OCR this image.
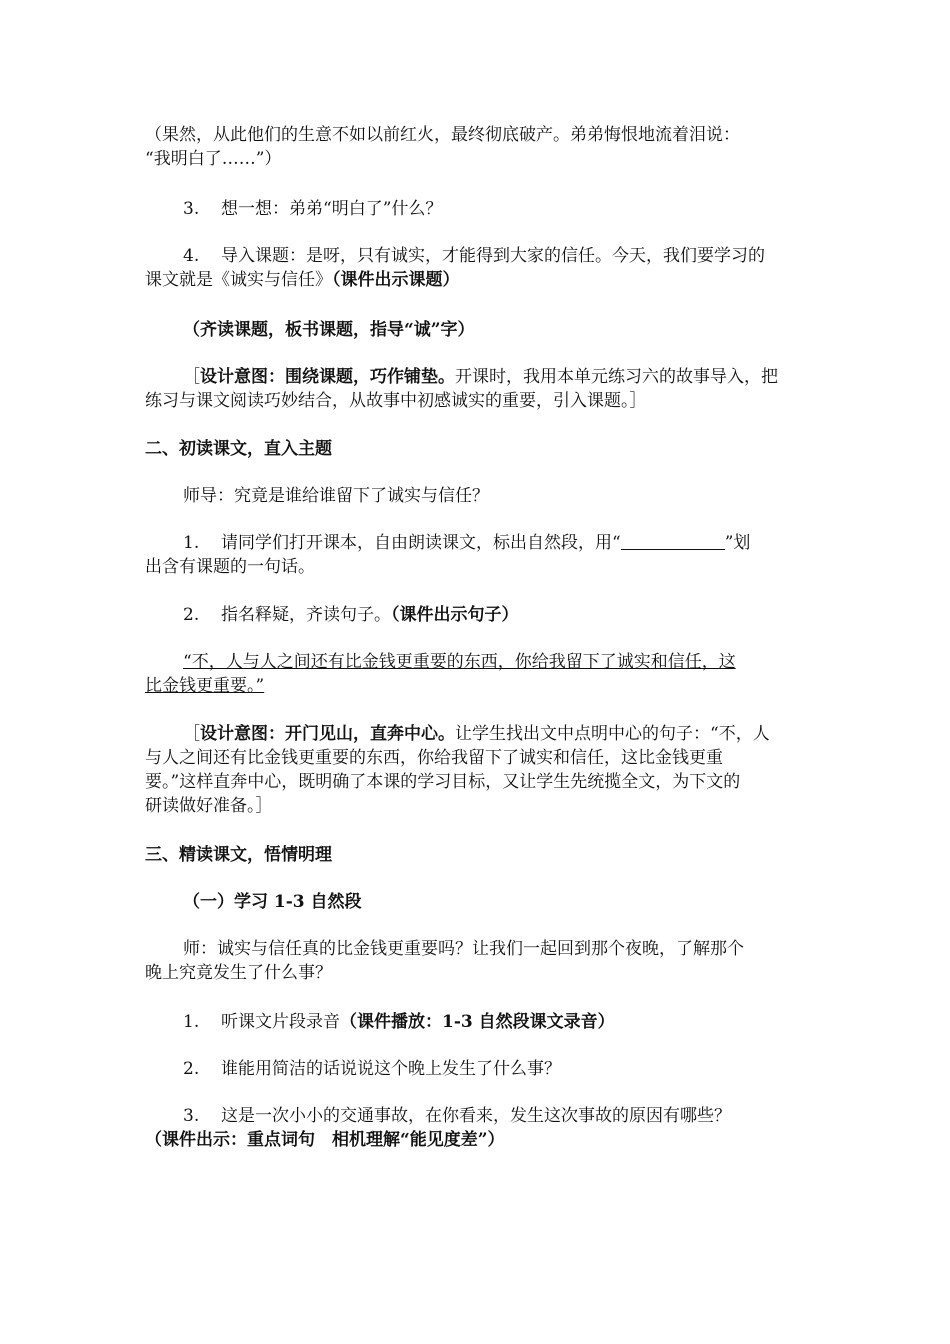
（果然，从此他们的生意不如以前红火，最终彻底破产。弟弟悔恨地流着泪说：
“我明白了……”）
3. 想一想：弟弟“明白了”什么？
4. 导入课题：是呀，只有诚实，才能得到大家的信任。今天，我们要学习的
课文就是《诚实与信任》（课件出示课题）
（齐读课题，板书课题，指导“诚”字）
［设计意图：围绕课题，巧作铺垫。开课时，我用本单元练习六的故事导入，把
练习与课文阅读巧妙结合，从故事中初感诚实的重要，引入课题。］
二、初读课文，直入主题
师导：究竟是谁给谁留下了诚实与信任？
1. 请同学们打开课本，自由朗读课文，标出自然段，用“	”划
出含有课题的一句话。
2. 指名释疑，齐读句子。（课件出示句子）
“不，人与人之间还有比金钱更重要的东西，你给我留下了诚实和信任，这
比金钱更重要。”
［设计意图：开门见山，直奔中心。让学生找出文中点明中心的句子：“不，人
与人之间还有比金钱更重要的东西，你给我留下了诚实和信任，这比金钱更重
要。”这样直奔中心，既明确了本课的学习目标，又让学生先统揽全文，为下文的
研读做好准备。］
三、精读课文，悟情明理
（一）学习 1-3 自然段
师：诚实与信任真的比金钱更重要吗？让我们一起回到那个夜晚，了解那个
晚上究竟发生了什么事？
1. 听课文片段录音（课件播放：1-3 自然段课文录音）
2. 谁能用简洁的话说说这个晚上发生了什么事？
3. 这是一次小小的交通事故，在你看来，发生这次事故的原因有哪些？
（课件出示：重点词句　相机理解“能见度差”）
